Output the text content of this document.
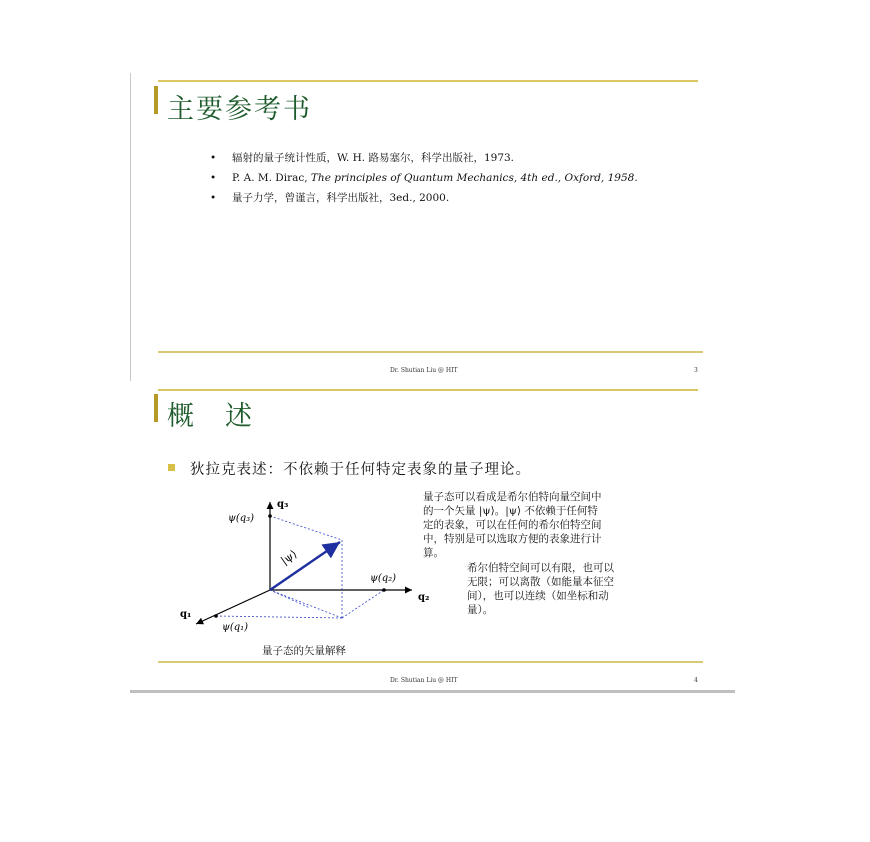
主要参考书
• 辐射的量子统计性质，W. H. 路易塞尔，科学出版社，1973.
• P. A. M. Dirac, The principles of Quantum Mechanics, 4th ed., Oxford, 1958.
• 量子力学，曾谨言，科学出版社，3ed., 2000.
Dr. Shutian Liu @ HIT	3
概　述
狄拉克表述：不依赖于任何特定表象的量子理论。
q₃
ψ(q₃)
|ψ⟩
ψ(q₂)
q₂
q₁
ψ(q₁)
量子态的矢量解释
量子态可以看成是希尔伯特向量空间中
的一个矢量 |ψ⟩。|ψ⟩ 不依赖于任何特
定的表象，可以在任何的希尔伯特空间
中，特别是可以选取方便的表象进行计
算。
希尔伯特空间可以有限，也可以
无限；可以离散（如能量本征空
间），也可以连续（如坐标和动
量）。
Dr. Shutian Liu @ HIT	4
